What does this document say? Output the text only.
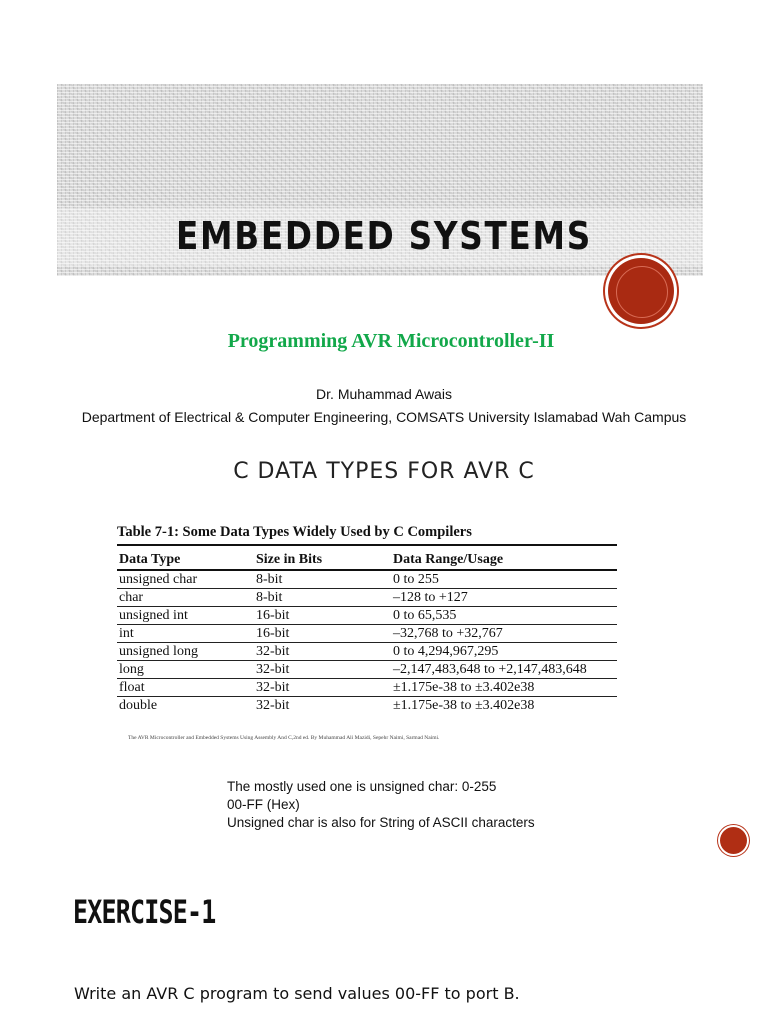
EMBEDDED SYSTEMS
Programming AVR Microcontroller-II
Dr. Muhammad Awais
Department of Electrical & Computer Engineering, COMSATS University Islamabad Wah Campus
C DATA TYPES FOR AVR C
Table 7-1: Some Data Types Widely Used by C Compilers
Data Type	Size in Bits	Data Range/Usage
unsigned char	8-bit	0 to 255
char	8-bit	–128 to +127
unsigned int	16-bit	0 to 65,535
int	16-bit	–32,768 to +32,767
unsigned long	32-bit	0 to 4,294,967,295
long	32-bit	–2,147,483,648 to +2,147,483,648
float	32-bit	±1.175e-38 to ±3.402e38
double	32-bit	±1.175e-38 to ±3.402e38
The AVR Microcontroller and Embedded Systems Using Assembly And C,2nd ed. By Muhammad Ali Mazidi, Sepehr Naimi, Sarmad Naimi.
The mostly used one is unsigned char: 0-255
00-FF (Hex)
Unsigned char is also for String of ASCII characters
EXERCISE-1
Write an AVR C program to send values 00-FF to port B.
